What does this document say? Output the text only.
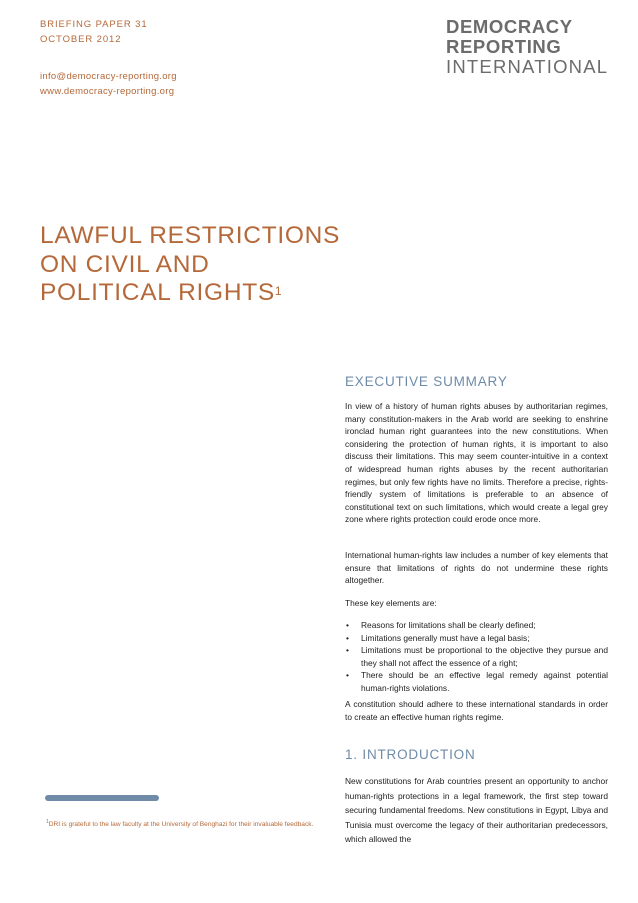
BRIEFING PAPER 31
OCTOBER 2012
info@democracy-reporting.org
www.democracy-reporting.org
DEMOCRACY
REPORTING
INTERNATIONAL
LAWFUL RESTRICTIONS
ON CIVIL AND
POLITICAL RIGHTS$^1$
EXECUTIVE SUMMARY

In view of a history of human rights abuses by authoritarian regimes, many constitution-makers in the Arab world are seeking to enshrine ironclad human right guarantees into the new constitutions. When considering the protection of human rights, it is important to also discuss their limitations. This may seem counter-intuitive in a context of widespread human rights abuses by the recent authoritarian regimes, but only few rights have no limits. Therefore a precise, rights-friendly system of limitations is preferable to an absence of constitutional text on such limitations, which would create a legal grey zone where rights protection could erode once more.

International human-rights law includes a number of key elements that ensure that limitations of rights do not undermine these rights altogether.

These key elements are:

• Reasons for limitations shall be clearly defined;
• Limitations generally must have a legal basis;
• Limitations must be proportional to the objective they pursue and they shall not affect the essence of a right;
• There should be an effective legal remedy against potential human-rights violations.

A constitution should adhere to these international standards in order to create an effective human rights regime.

1. INTRODUCTION

New constitutions for Arab countries present an opportunity to anchor human-rights protections in a legal framework, the first step toward securing fundamental freedoms. New constitutions in Egypt, Libya and Tunisia must overcome the legacy of their authoritarian predecessors, which allowed the

$^1$DRI is grateful to the law faculty at the University of Benghazi for their invaluable feedback.
